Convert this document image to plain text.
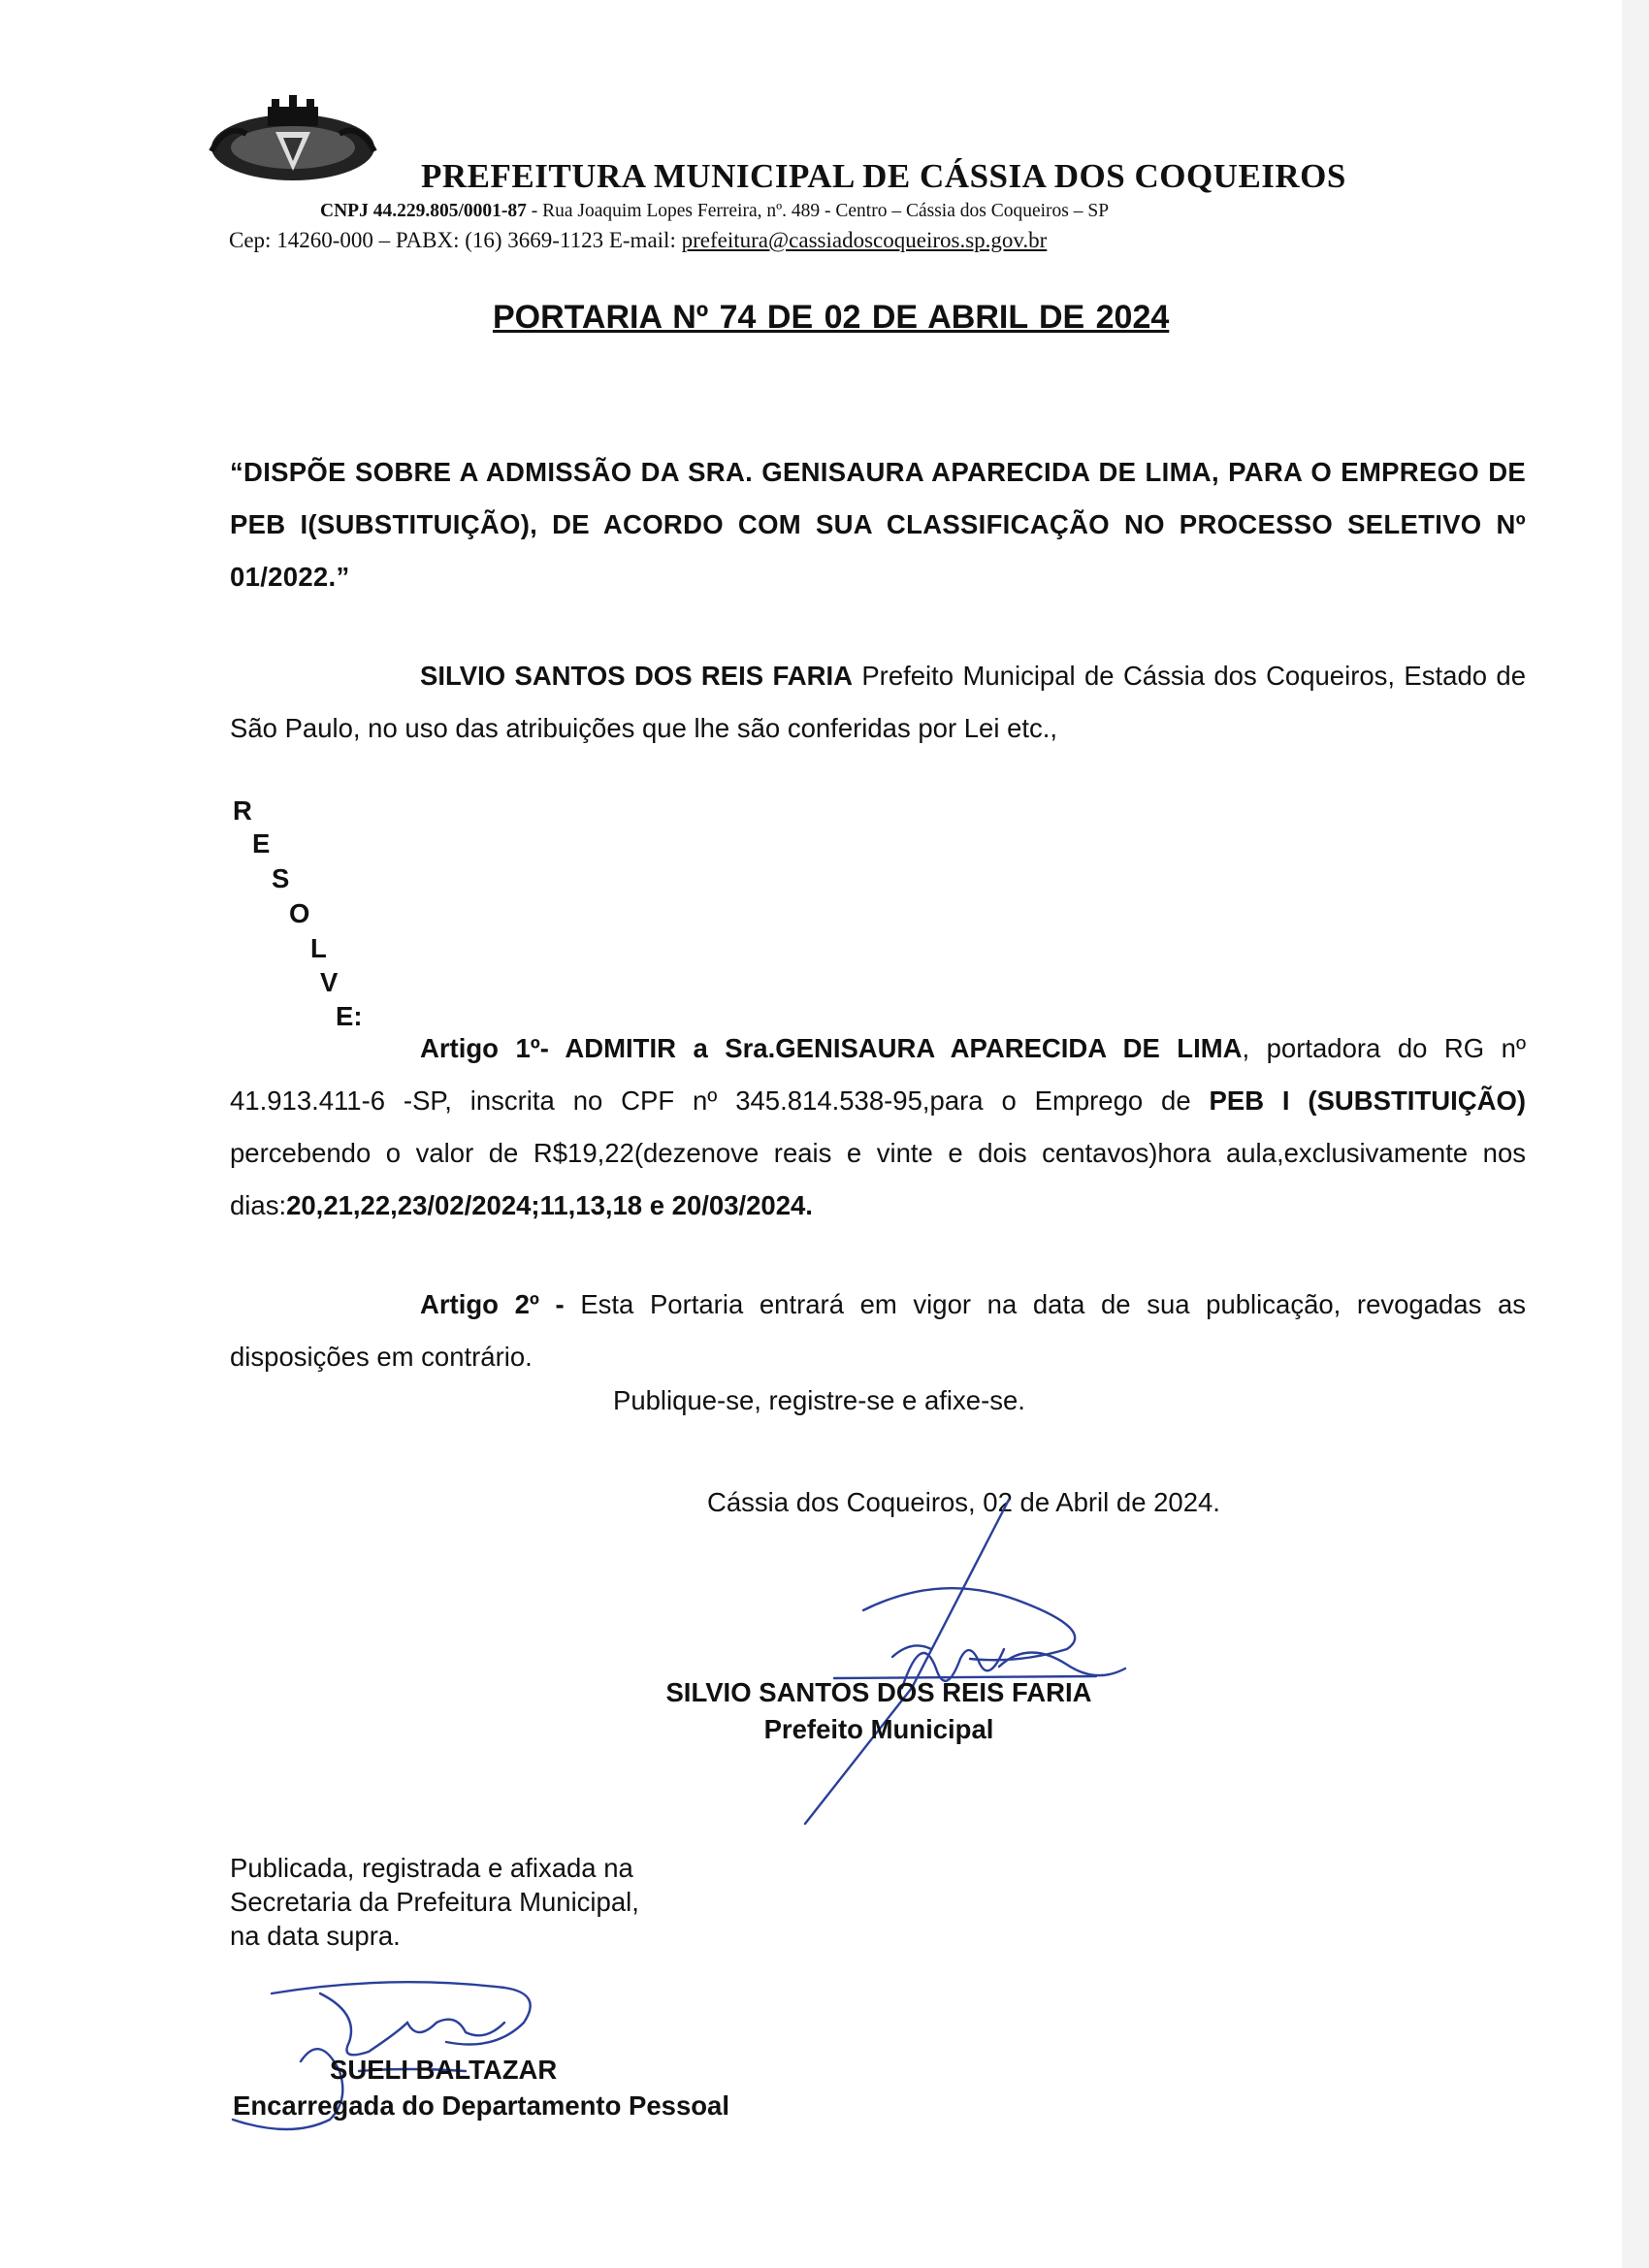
PREFEITURA MUNICIPAL DE CÁSSIA DOS COQUEIROS
CNPJ 44.229.805/0001-87 - Rua Joaquim Lopes Ferreira, nº. 489 - Centro – Cássia dos Coqueiros – SP
Cep: 14260-000 – PABX: (16) 3669-1123 E-mail: prefeitura@cassiadoscoqueiros.sp.gov.br
PORTARIA Nº 74 DE 02 DE ABRIL DE 2024
“DISPÕE SOBRE A ADMISSÃO DA SRA. GENISAURA APARECIDA DE LIMA, PARA O EMPREGO DE PEB I(SUBSTITUIÇÃO), DE ACORDO COM SUA CLASSIFICAÇÃO NO PROCESSO SELETIVO Nº 01/2022.”
SILVIO SANTOS DOS REIS FARIA Prefeito Municipal de Cássia dos Coqueiros, Estado de São Paulo, no uso das atribuições que lhe são conferidas por Lei etc.,
R
E
S
O
L
V
E:
Artigo 1º- ADMITIR a Sra.GENISAURA APARECIDA DE LIMA, portadora do RG nº 41.913.411-6 -SP, inscrita no CPF nº 345.814.538-95,para o Emprego de PEB I (SUBSTITUIÇÃO) percebendo o valor de R$19,22(dezenove reais e vinte e dois centavos)hora aula,exclusivamente nos dias:20,21,22,23/02/2024;11,13,18 e 20/03/2024.
Artigo 2º - Esta Portaria entrará em vigor na data de sua publicação, revogadas as disposições em contrário.
Publique-se, registre-se e afixe-se.
Cássia dos Coqueiros, 02 de Abril de 2024.
SILVIO SANTOS DOS REIS FARIA
Prefeito Municipal
Publicada, registrada e afixada na
Secretaria da Prefeitura Municipal,
na data supra.
SUELI BALTAZAR
Encarregada do Departamento Pessoal
